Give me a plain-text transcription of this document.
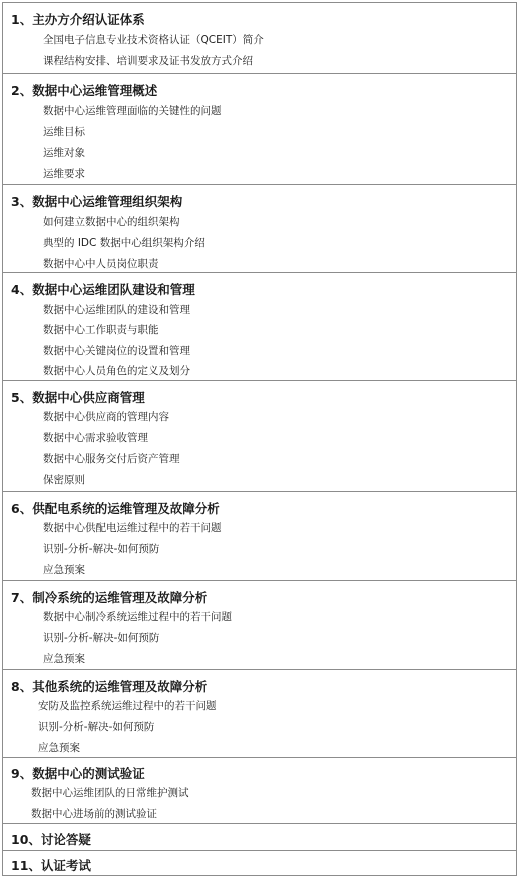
1、主办方介绍认证体系
全国电子信息专业技术资格认证（QCEIT）简介
课程结构安排、培训要求及证书发放方式介绍
2、数据中心运维管理概述
数据中心运维管理面临的关键性的问题
运维目标
运维对象
运维要求
3、数据中心运维管理组织架构
如何建立数据中心的组织架构
典型的 IDC 数据中心组织架构介绍
数据中心中人员岗位职责
4、数据中心运维团队建设和管理
数据中心运维团队的建设和管理
数据中心工作职责与职能
数据中心关键岗位的设置和管理
数据中心人员角色的定义及划分
5、数据中心供应商管理
数据中心供应商的管理内容
数据中心需求验收管理
数据中心服务交付后资产管理
保密原则
6、供配电系统的运维管理及故障分析
数据中心供配电运维过程中的若干问题
识别-分析-解决-如何预防
应急预案
7、制冷系统的运维管理及故障分析
数据中心制冷系统运维过程中的若干问题
识别-分析-解决-如何预防
应急预案
8、其他系统的运维管理及故障分析
安防及监控系统运维过程中的若干问题
识别-分析-解决-如何预防
应急预案
9、数据中心的测试验证
数据中心运维团队的日常维护测试
数据中心进场前的测试验证
10、讨论答疑
11、认证考试
